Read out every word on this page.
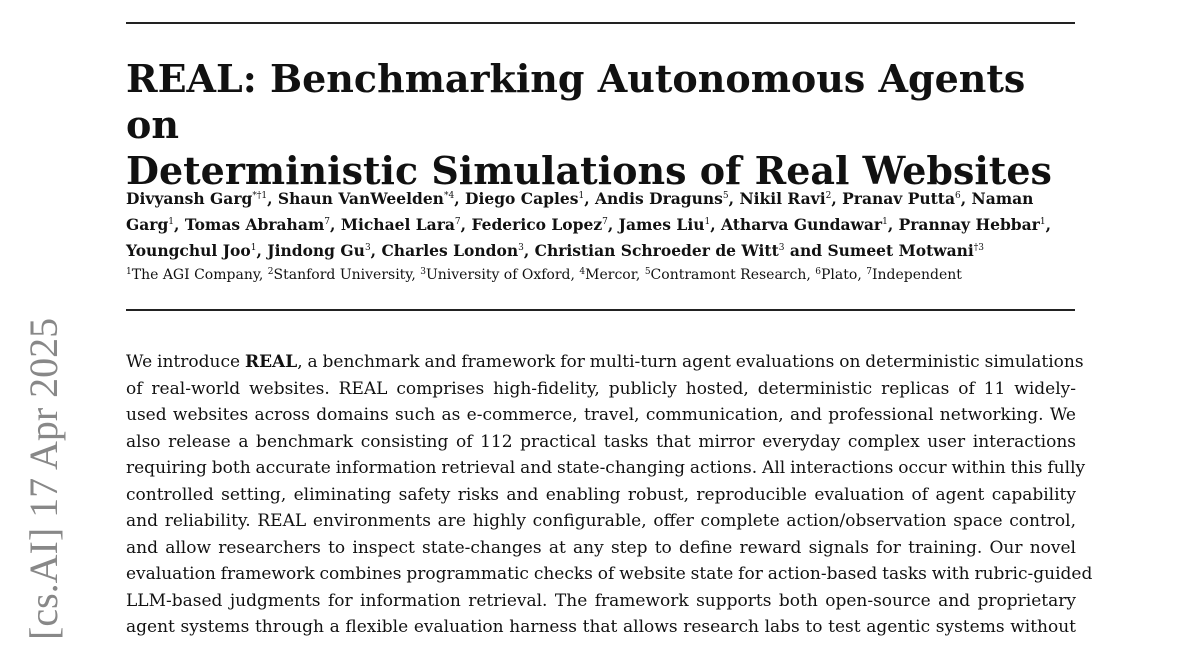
REAL: Benchmarking Autonomous Agents on
Deterministic Simulations of Real Websites

Divyansh Garg$^{*\dagger 1}$, Shaun VanWeelden$^{*4}$, Diego Caples$^1$, Andis Draguns$^5$, Nikil Ravi$^2$, Pranav Putta$^6$, Naman Garg$^1$, Tomas Abraham$^7$, Michael Lara$^7$, Federico Lopez$^7$, James Liu$^1$, Atharva Gundawar$^1$, Prannay Hebbar$^1$, Youngchul Joo$^1$, Jindong Gu$^3$, Charles London$^3$, Christian Schroeder de Witt$^3$ and Sumeet Motwani$^{\dagger 3}$

$^1$The AGI Company, $^2$Stanford University, $^3$University of Oxford, $^4$Mercor, $^5$Contramont Research, $^6$Plato, $^7$Independent

We introduce REAL, a benchmark and framework for multi-turn agent evaluations on deterministic simulations
of real-world websites. REAL comprises high-fidelity, publicly hosted, deterministic replicas of 11 widely-
used websites across domains such as e-commerce, travel, communication, and professional networking. We
also release a benchmark consisting of 112 practical tasks that mirror everyday complex user interactions
requiring both accurate information retrieval and state-changing actions. All interactions occur within this fully
controlled setting, eliminating safety risks and enabling robust, reproducible evaluation of agent capability
and reliability. REAL environments are highly configurable, offer complete action/observation space control,
and allow researchers to inspect state-changes at any step to define reward signals for training. Our novel
evaluation framework combines programmatic checks of website state for action-based tasks with rubric-guided
LLM-based judgments for information retrieval. The framework supports both open-source and proprietary
agent systems through a flexible evaluation harness that allows research labs to test agentic systems without

[cs.AI] 17 Apr 2025
